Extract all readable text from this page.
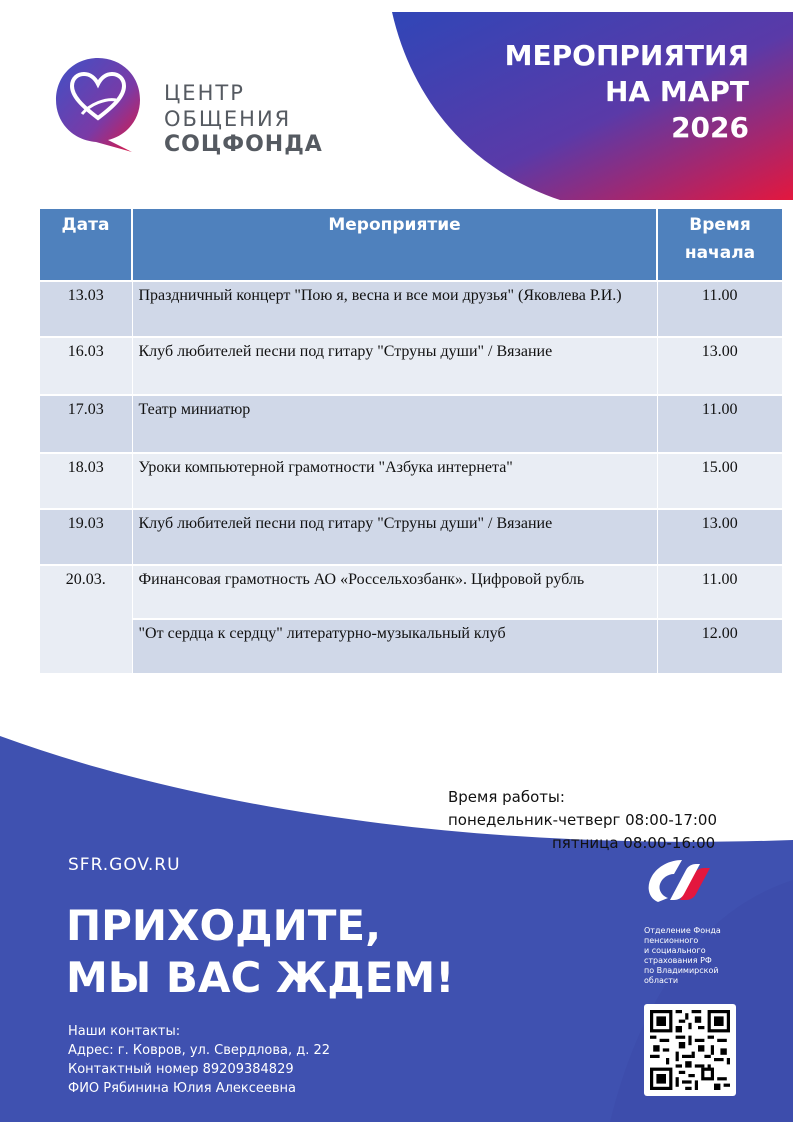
ЦЕНТР
ОБЩЕНИЯ
СОЦФОНДА
МЕРОПРИЯТИЯ
НА МАРТ
2026
Дата	Мероприятие	Время
начала

13.03	Праздничный концерт "Пою я, весна и все мои друзья" (Яковлева Р.И.)	11.00
16.03	Клуб любителей песни под гитару "Струны души" / Вязание	13.00
17.03	Театр миниатюр	11.00
18.03	Уроки компьютерной грамотности "Азбука интернета"	15.00
19.03	Клуб любителей песни под гитару "Струны души" / Вязание	13.00
20.03.	Финансовая грамотность АО «Россельхозбанк». Цифровой рубль	11.00
	"От сердца к сердцу" литературно-музыкальный клуб	12.00
Время работы:
понедельник-четверг 08:00-17:00
пятница 08:00-16:00
SFR.GOV.RU
ПРИХОДИТЕ,
МЫ ВАС ЖДЕМ!
Наши контакты:
Адрес: г. Ковров, ул. Свердлова, д. 22
Контактный номер 89209384829
ФИО Рябинина Юлия Алексеевна
Отделение Фонда
пенсионного
и социального
страхования РФ
по Владимирской
области
